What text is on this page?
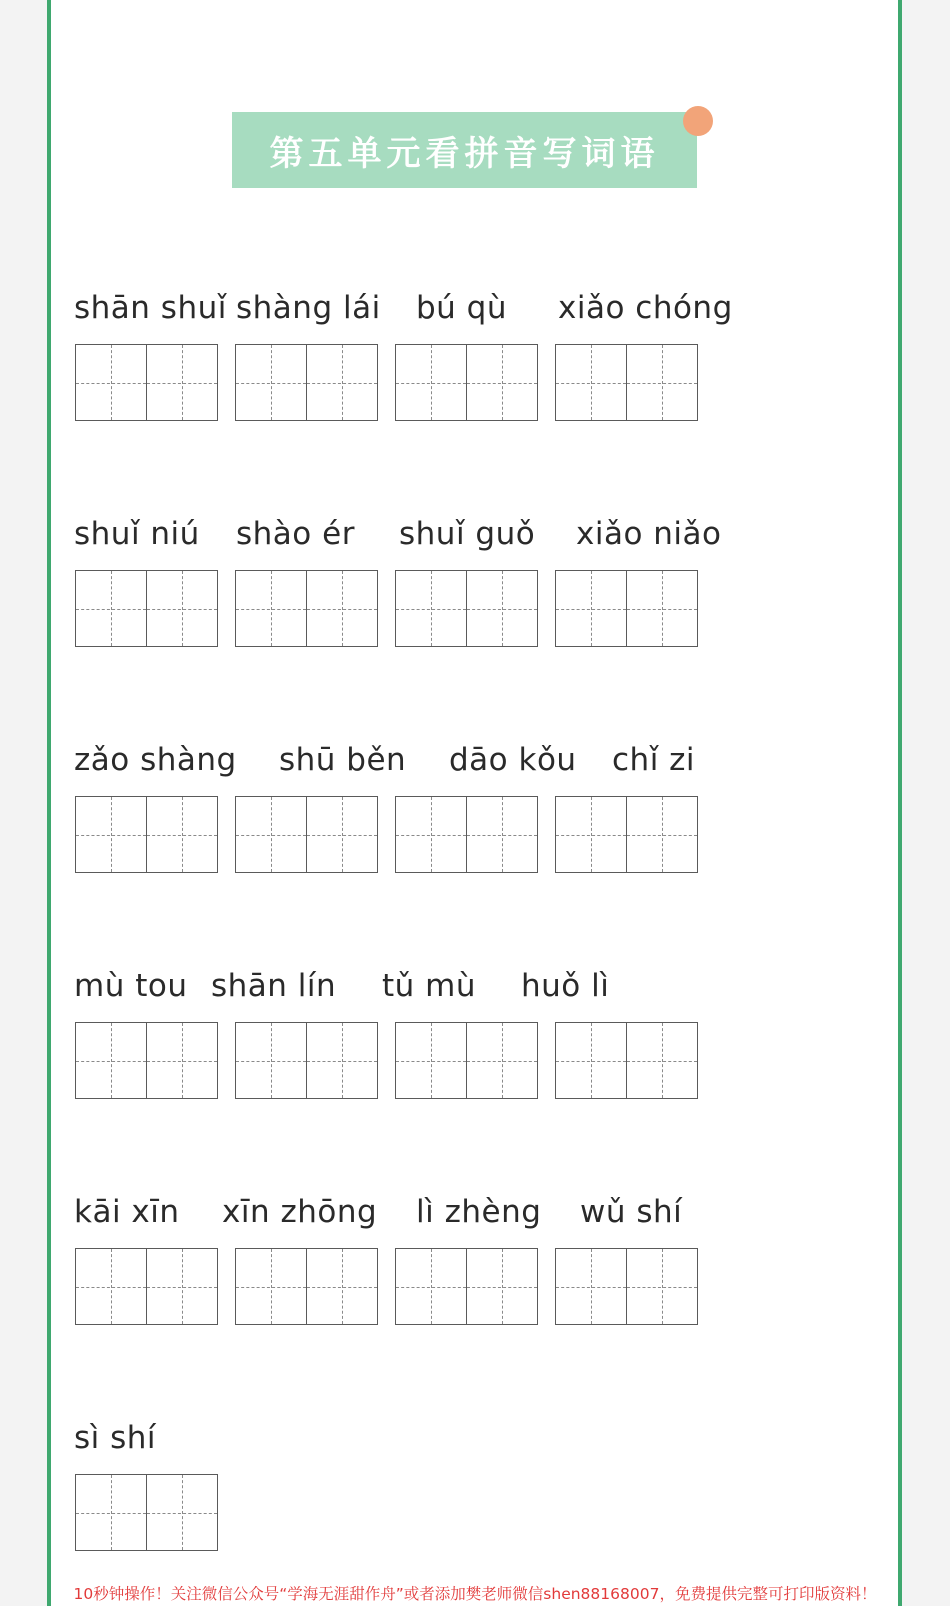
第五单元看拼音写词语
shān shuǐ shàng lái bú qù xiǎo chóng
shuǐ niú shào ér shuǐ guǒ xiǎo niǎo
zǎo shàng shū běn dāo kǒu chǐ zi
mù tou shān lín tǔ mù huǒ lì
kāi xīn xīn zhōng lì zhèng wǔ shí
sì shí
10秒钟操作！关注微信公众号“学海无涯甜作舟”或者添加樊老师微信shen88168007，免费提供完整可打印版资料！
